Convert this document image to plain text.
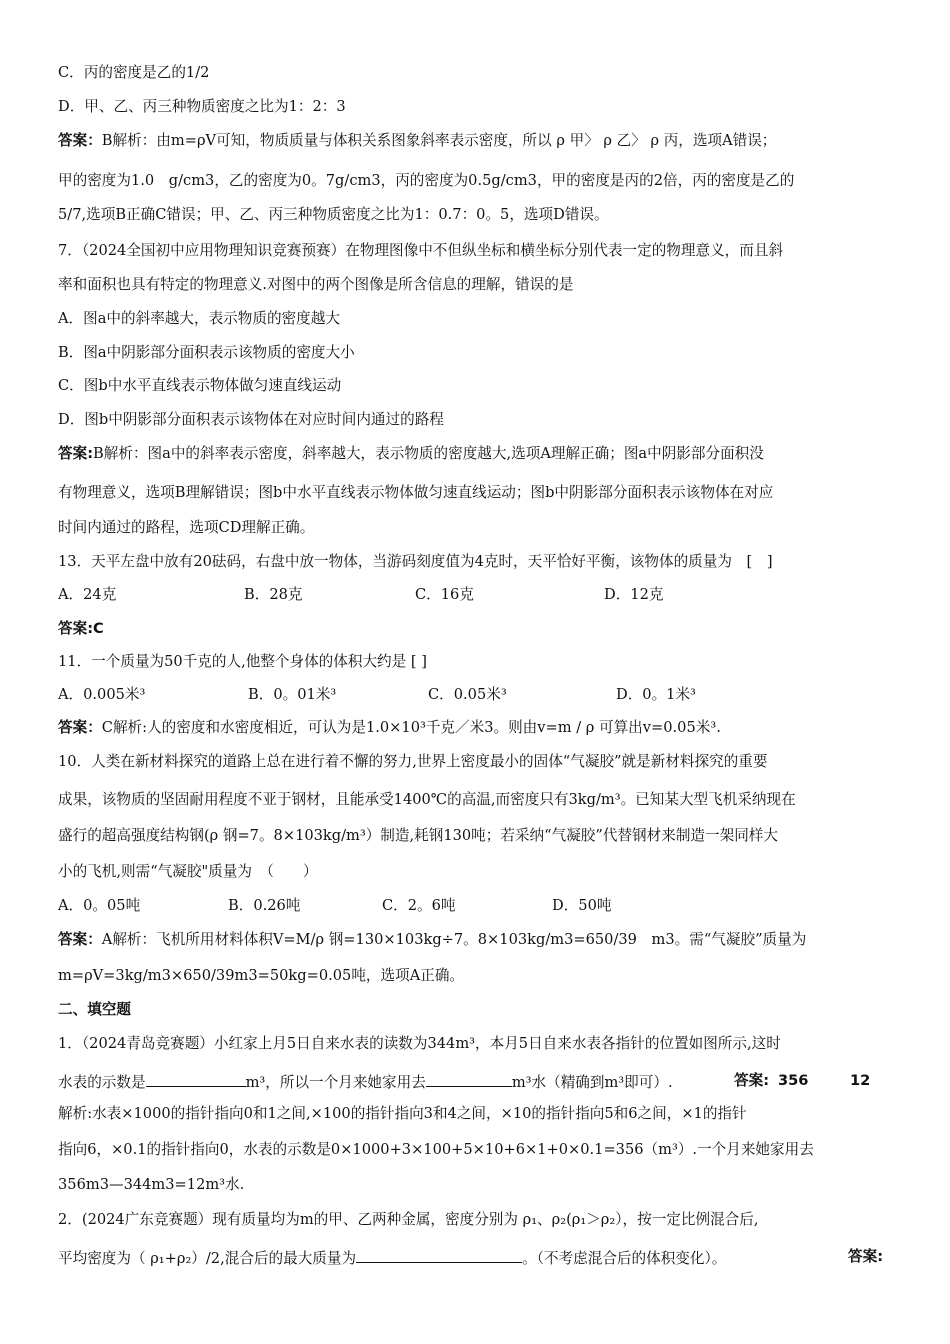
C．丙的密度是乙的1/2
D．甲、乙、丙三种物质密度之比为1：2：3
答案：B解析：由m=ρV可知，物质质量与体积关系图象斜率表示密度，所以 ρ 甲〉 ρ 乙〉 ρ 丙，选项A错误；
甲的密度为1.0　g/cm3，乙的密度为0。7g/cm3，丙的密度为0.5g/cm3，甲的密度是丙的2倍，丙的密度是乙的
5/7,选项B正确C错误；甲、乙、丙三种物质密度之比为1：0.7：0。5，选项D错误。
7．（2024全国初中应用物理知识竞赛预赛）在物理图像中不但纵坐标和横坐标分别代表一定的物理意义，而且斜
率和面积也具有特定的物理意义.对图中的两个图像是所含信息的理解，错误的是
A．图a中的斜率越大，表示物质的密度越大
B．图a中阴影部分面积表示该物质的密度大小
C．图b中水平直线表示物体做匀速直线运动
D．图b中阴影部分面积表示该物体在对应时间内通过的路程
答案:B解析：图a中的斜率表示密度，斜率越大，表示物质的密度越大,选项A理解正确；图a中阴影部分面积没
有物理意义，选项B理解错误；图b中水平直线表示物体做匀速直线运动；图b中阴影部分面积表示该物体在对应
时间内通过的路程，选项CD理解正确。
13．天平左盘中放有20砝码，右盘中放一物体，当游码刻度值为4克时，天平恰好平衡，该物体的质量为　[　]
A．24克	B．28克	C．16克	D．12克
答案:C
11．一个质量为50千克的人,他整个身体的体积大约是 [ ]
A．0.005米³	B．0。01米³	C．0.05米³	D．0。1米³
答案：C解析:人的密度和水密度相近，可认为是1.0×10³千克／米3。则由v=m / ρ 可算出v=0.05米³.
10．人类在新材料探究的道路上总在进行着不懈的努力,世界上密度最小的固体“气凝胶”就是新材料探究的重要
成果，该物质的坚固耐用程度不亚于钢材，且能承受1400℃的高温,而密度只有3kg/m³。已知某大型飞机采纳现在
盛行的超高强度结构钢(ρ 钢=7。8×103kg/m³）制造,耗钢130吨；若采纳“气凝胶”代替钢材来制造一架同样大
小的飞机,则需“气凝胶"质量为　（　　）
A．0。05吨	B．0.26吨	C．2。6吨	D．50吨
答案：A解析：飞机所用材料体积V=M/ρ 钢=130×103kg÷7。8×103kg/m3=650/39　m3。需“气凝胶”质量为
m=ρV=3kg/m3×650/39m3=50kg=0.05吨，选项A正确。
二、填空题
1．（2024青岛竞赛题）小红家上月5日自来水表的读数为344m³，本月5日自来水表各指针的位置如图所示,这时
水表的示数是	m³，所以一个月来她家用去	m³水（精确到m³即可）.	答案: 356	12
解析:水表×1000的指针指向0和1之间,×100的指针指向3和4之间，×10的指针指向5和6之间，×1的指针
指向6，×0.1的指针指向0，水表的示数是0×1000+3×100+5×10+6×1+0×0.1=356（m³）.一个月来她家用去
356m3—344m3=12m³水.
2．(2024广东竞赛题）现有质量均为m的甲、乙两种金属，密度分别为 ρ₁、ρ₂(ρ₁＞ρ₂），按一定比例混合后,
平均密度为（ ρ₁+ρ₂）/2,混合后的最大质量为	。（不考虑混合后的体积变化）。	答案:
